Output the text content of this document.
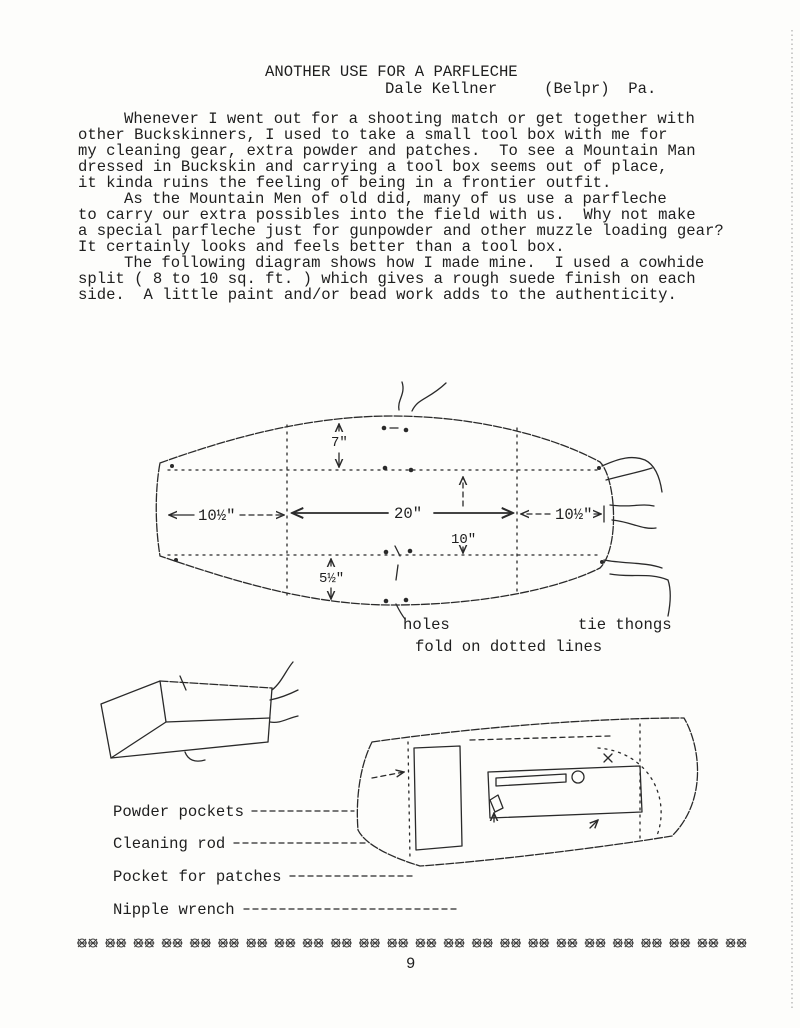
ANOTHER USE FOR A PARFLECHE
Dale Kellner     (Belpr)  Pa.
Whenever I went out for a shooting match or get together with
other Buckskinners, I used to take a small tool box with me for
my cleaning gear, extra powder and patches.  To see a Mountain Man
dressed in Buckskin and carrying a tool box seems out of place,
it kinda ruins the feeling of being in a frontier outfit.
As the Mountain Men of old did, many of us use a parfleche
to carry our extra possibles into the field with us.  Why not make
a special parfleche just for gunpowder and other muzzle loading gear?
It certainly looks and feels better than a tool box.
The following diagram shows how I made mine.  I used a cowhide
split ( 8 to 10 sq. ft. ) which gives a rough suede finish on each
side.  A little paint and/or bead work adds to the authenticity.
7"
10½"	20"	10½"
10"
5½"
holes	tie thongs
fold on dotted lines
Powder pockets
Cleaning rod
Pocket for patches
Nipple wrench
9
